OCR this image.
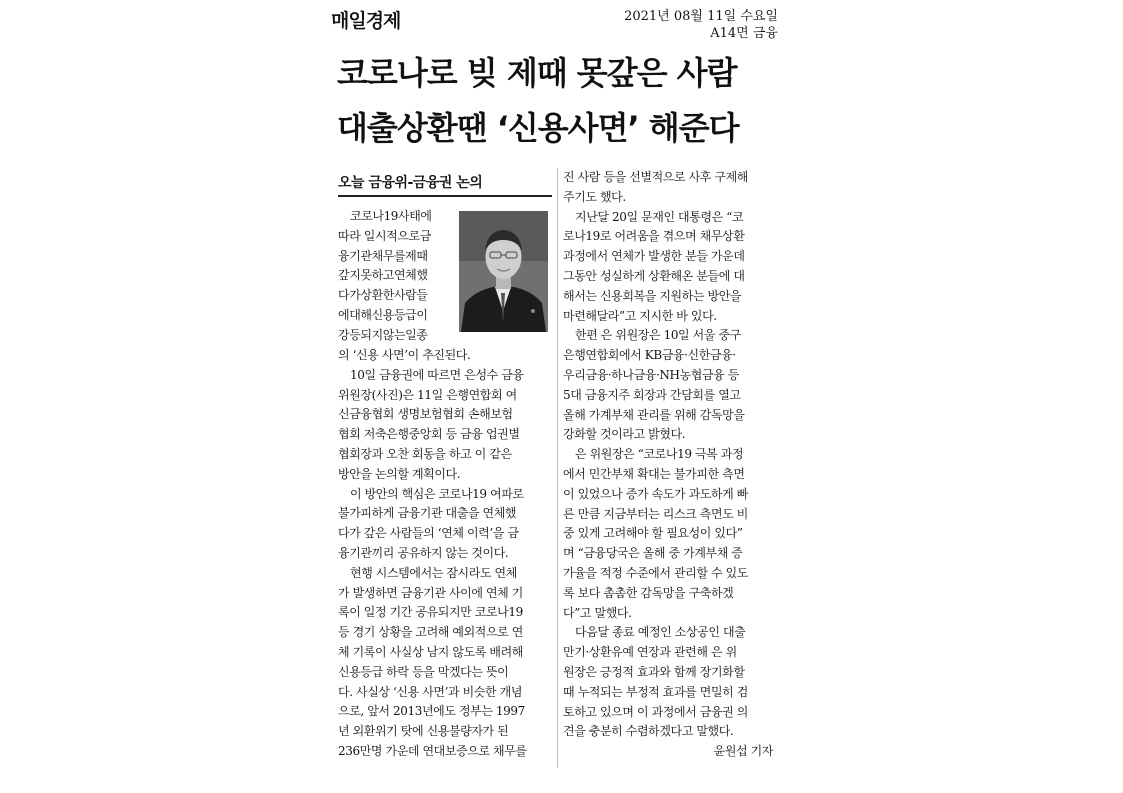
매일경제	2021년 08월 11일 수요일
A14면 금융
코로나로 빚 제때 못갚은 사람
대출상환땐 ‘신용사면’ 해준다
오늘 금융위-금융권 논의
코로나19사태에
따라 일시적으로금
융기관채무를제때
갚지못하고연체했
다가상환한사람들
에대해신용등급이
강등되지않는일종
의 ‘신용 사면’이 추진된다.
10일 금융권에 따르면 은성수 금융
위원장(사진)은 11일 은행연합회 여
신금융협회 생명보험협회 손해보험
협회 저축은행중앙회 등 금융 업권별
협회장과 오찬 회동을 하고 이 같은
방안을 논의할 계획이다.
이 방안의 핵심은 코로나19 여파로
불가피하게 금융기관 대출을 연체했
다가 갚은 사람들의 ‘연체 이력’을 금
융기관끼리 공유하지 않는 것이다.
현행 시스템에서는 잠시라도 연체
가 발생하면 금융기관 사이에 연체 기
록이 일정 기간 공유되지만 코로나19
등 경기 상황을 고려해 예외적으로 연
체 기록이 사실상 남지 않도록 배려해
신용등급 하락 등을 막겠다는 뜻이
다. 사실상 ‘신용 사면’과 비슷한 개념
으로, 앞서 2013년에도 정부는 1997
년 외환위기 탓에 신용불량자가 된
236만명 가운데 연대보증으로 채무를
진 사람 등을 선별적으로 사후 구제해
주기도 했다.
지난달 20일 문재인 대통령은 “코
로나19로 어려움을 겪으며 채무상환
과정에서 연체가 발생한 분들 가운데
그동안 성실하게 상환해온 분들에 대
해서는 신용회복을 지원하는 방안을
마련해달라”고 지시한 바 있다.
한편 은 위원장은 10일 서울 중구
은행연합회에서 KB금융·신한금융·
우리금융·하나금융·NH농협금융 등
5대 금융지주 회장과 간담회를 열고
올해 가계부채 관리를 위해 감독망을
강화할 것이라고 밝혔다.
은 위원장은 “코로나19 극복 과정
에서 민간부채 확대는 불가피한 측면
이 있었으나 증가 속도가 과도하게 빠
른 만큼 지금부터는 리스크 측면도 비
중 있게 고려해야 할 필요성이 있다”
며 “금융당국은 올해 중 가계부채 증
가율을 적정 수준에서 관리할 수 있도
록 보다 촘촘한 감독망을 구축하겠
다”고 말했다.
다음달 종료 예정인 소상공인 대출
만기·상환유예 연장과 관련해 은 위
원장은 긍정적 효과와 함께 장기화할
때 누적되는 부정적 효과를 면밀히 검
토하고 있으며 이 과정에서 금융권 의
견을 충분히 수렴하겠다고 말했다.
윤원섭 기자
